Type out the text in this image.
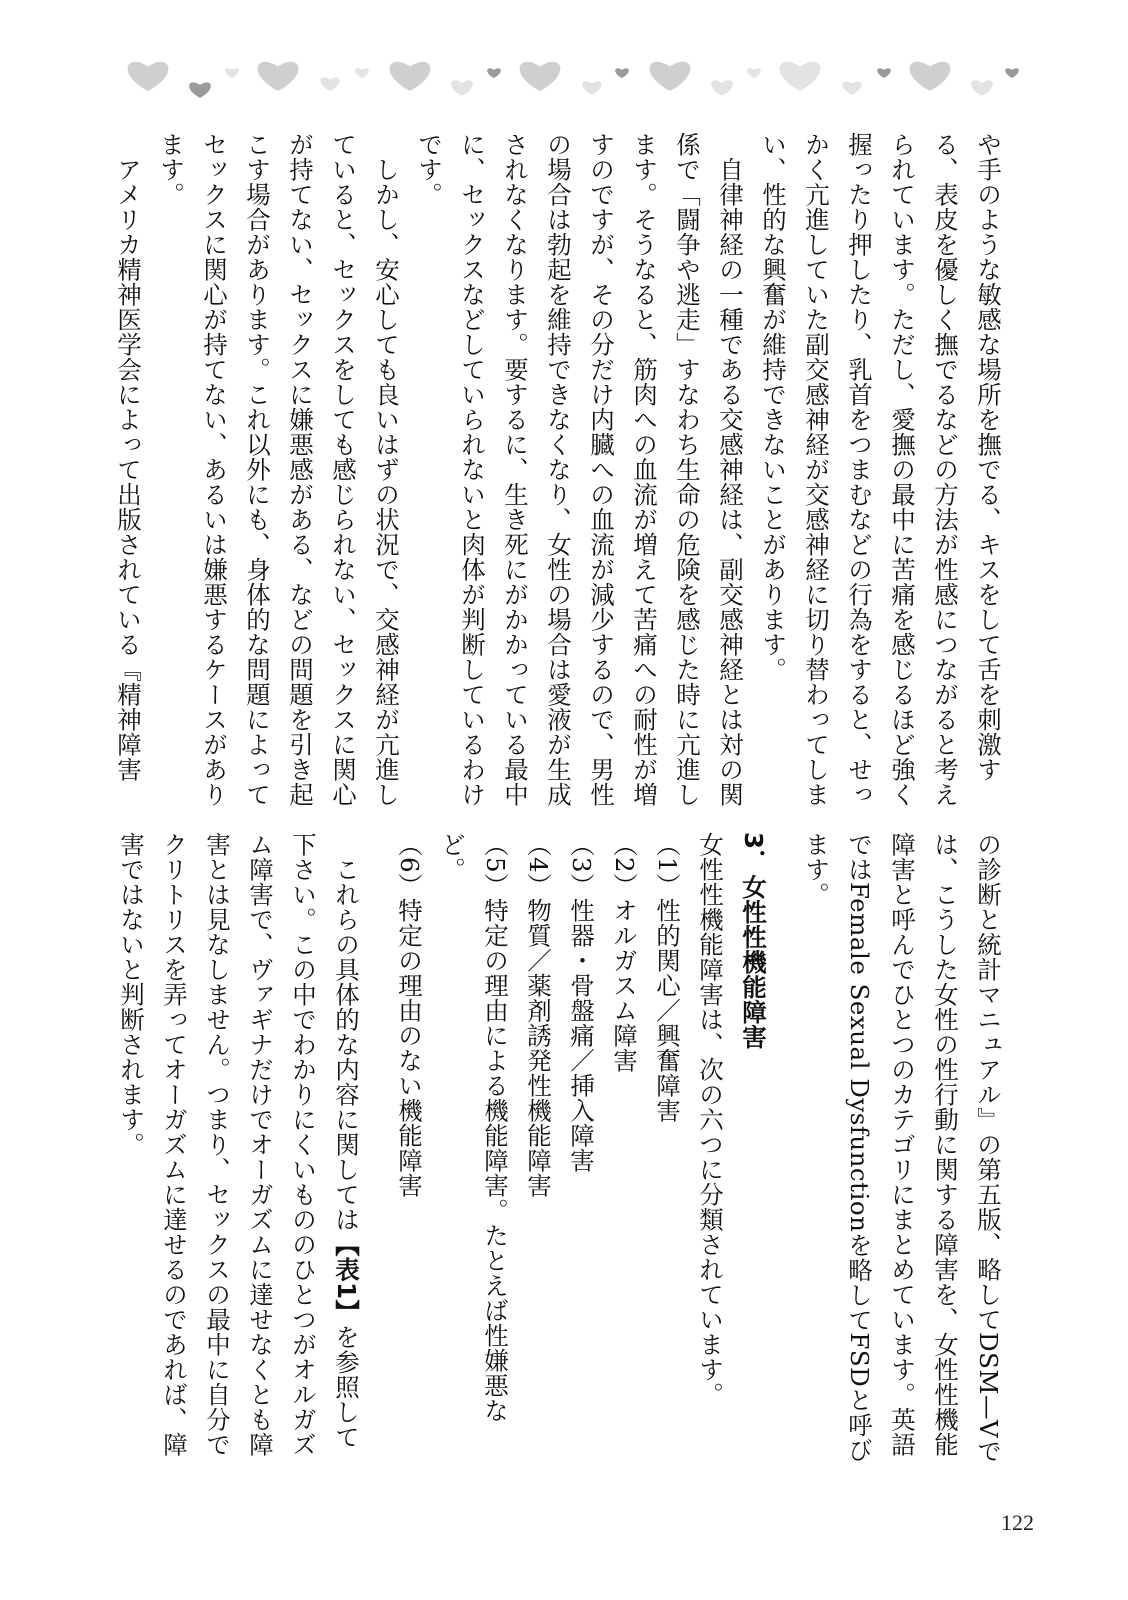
や手のような敏感な場所を撫でる、キスをして舌を刺激する、表皮を優しく撫でるなどの方法が性感につながると考えられています。ただし、愛撫の最中に苦痛を感じるほど強く握ったり押したり、乳首をつまむなどの行為をすると、せっかく亢進していた副交感神経が交感神経に切り替わってしまい、性的な興奮が維持できないことがあります。

自律神経の一種である交感神経は、副交感神経とは対の関係で「闘争や逃走」すなわち生命の危険を感じた時に亢進します。そうなると、筋肉への血流が増えて苦痛への耐性が増すのですが、その分だけ内臓への血流が減少するので、男性の場合は勃起を維持できなくなり、女性の場合は愛液が生成されなくなります。要するに、生き死にがかかっている最中に、セックスなどしていられないと肉体が判断しているわけです。

しかし、安心しても良いはずの状況で、交感神経が亢進していると、セックスをしても感じられない、セックスに関心が持てない、セックスに嫌悪感がある、などの問題を引き起こす場合があります。これ以外にも、身体的な問題によってセックスに関心が持てない、あるいは嫌悪するケースがあります。

アメリカ精神医学会によって出版されている『精神障害

の診断と統計マニュアル』の第五版、略してDSM—Vでは、こうした女性の性行動に関する障害を、女性性機能障害と呼んでひとつのカテゴリにまとめています。英語ではFemale Sexual Dysfunctionを略してFSDと呼びます。

3．女性性機能障害

女性性機能障害は、次の六つに分類されています。

（1）性的関心／興奮障害

（2）オルガスム障害

（3）性器・骨盤痛／挿入障害

（4）物質／薬剤誘発性機能障害

（5）特定の理由による機能障害。たとえば性嫌悪など。

（6）特定の理由のない機能障害

これらの具体的な内容に関しては【表1】を参照して下さい。この中でわかりにくいもののひとつがオルガズム障害で、ヴァギナだけでオーガズムに達せなくとも障害とは見なしません。つまり、セックスの最中に自分でクリトリスを弄ってオーガズムに達せるのであれば、障害ではないと判断されます。

122
